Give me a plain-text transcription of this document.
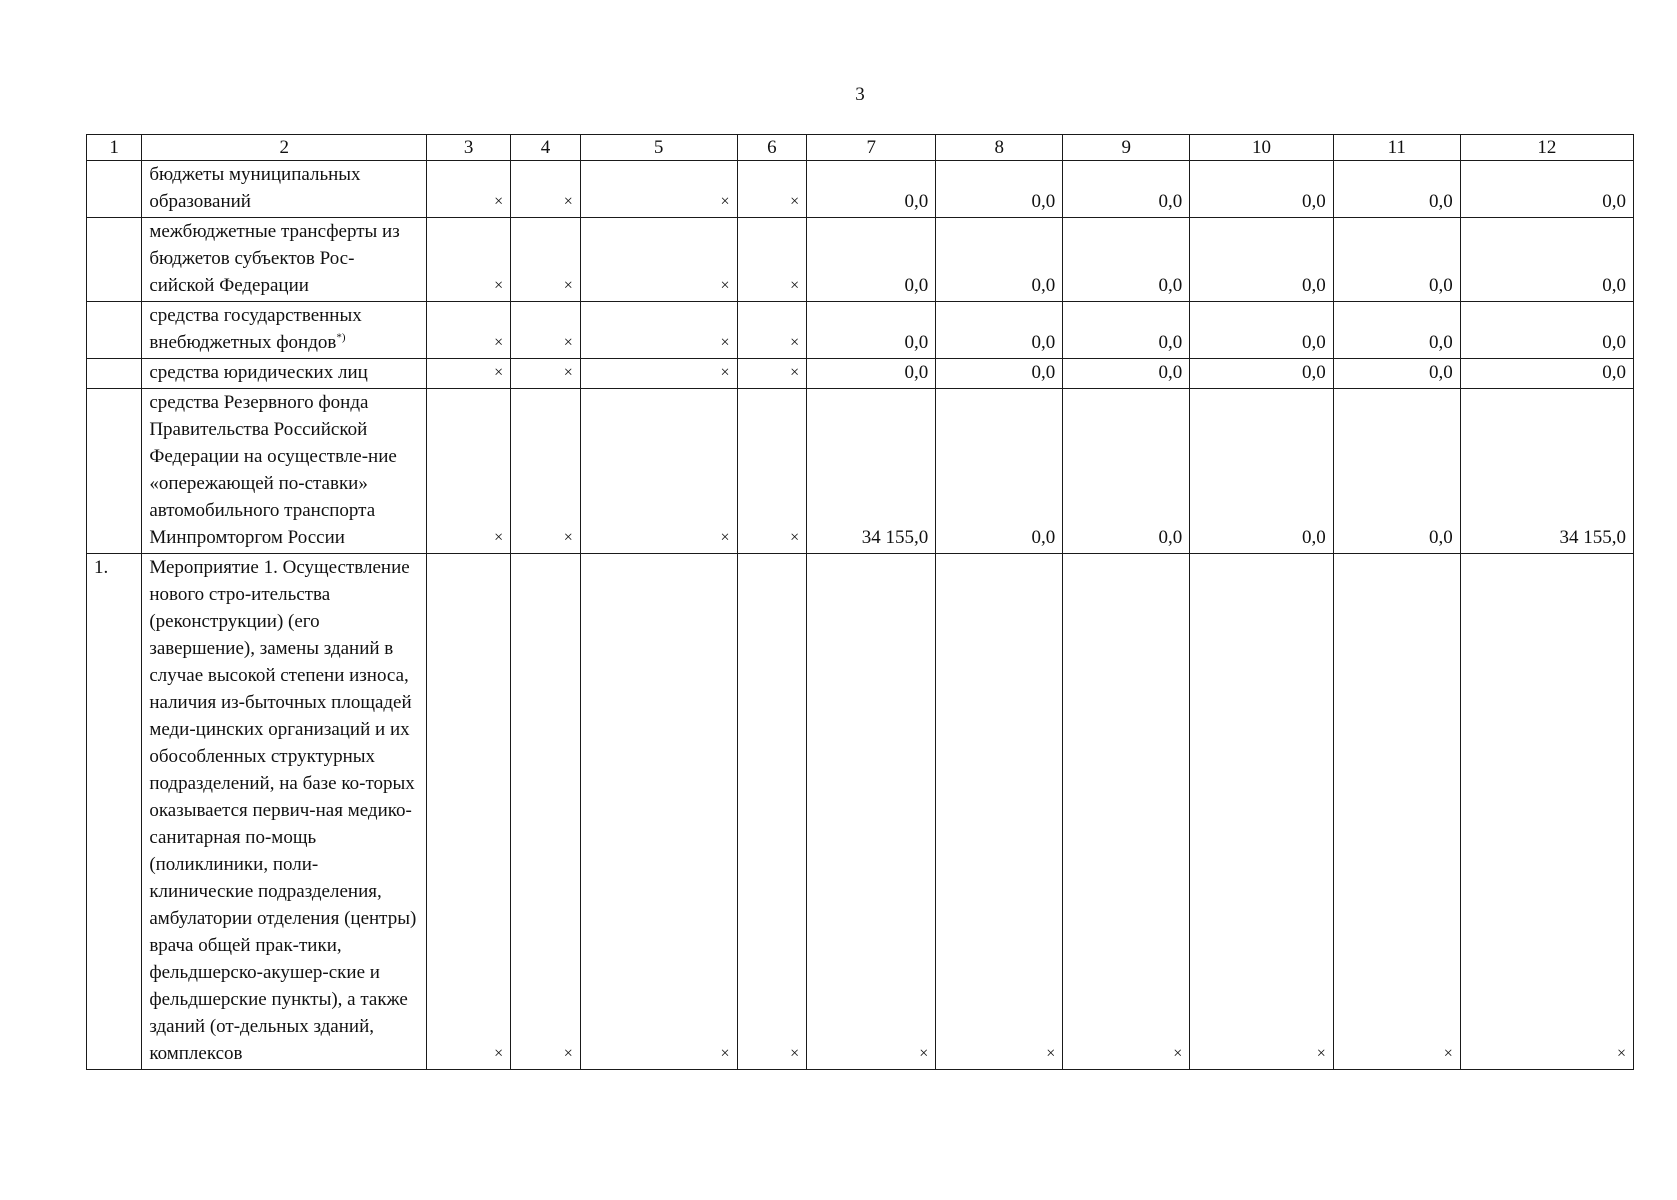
3
1	2	3	4	5	6	7	8	9	10	11	12
	бюджеты муниципальных образований	×	×	×	×	0,0	0,0	0,0	0,0	0,0	0,0
	межбюджетные трансферты из бюджетов субъектов Рос-сийской Федерации	×	×	×	×	0,0	0,0	0,0	0,0	0,0	0,0
	средства государственных внебюджетных фондов*)	×	×	×	×	0,0	0,0	0,0	0,0	0,0	0,0
	средства юридических лиц	×	×	×	×	0,0	0,0	0,0	0,0	0,0	0,0
	средства Резервного фонда Правительства Российской Федерации на осуществле-ние «опережающей по-ставки» автомобильного транспорта Минпромторгом России	×	×	×	×	34 155,0	0,0	0,0	0,0	0,0	34 155,0
1.	Мероприятие 1. Осуществление нового стро-ительства (реконструкции) (его завершение), замены зданий в случае высокой степени износа, наличия из-быточных площадей меди-цинских организаций и их обособленных структурных подразделений, на базе ко-торых оказывается первич-ная медико-санитарная по-мощь (поликлиники, поли-клинические подразделения, амбулатории отделения (центры) врача общей прак-тики, фельдшерско-акушер-ские и фельдшерские пункты), а также зданий (от-дельных зданий, комплексов	×	×	×	×	×	×	×	×	×	×
